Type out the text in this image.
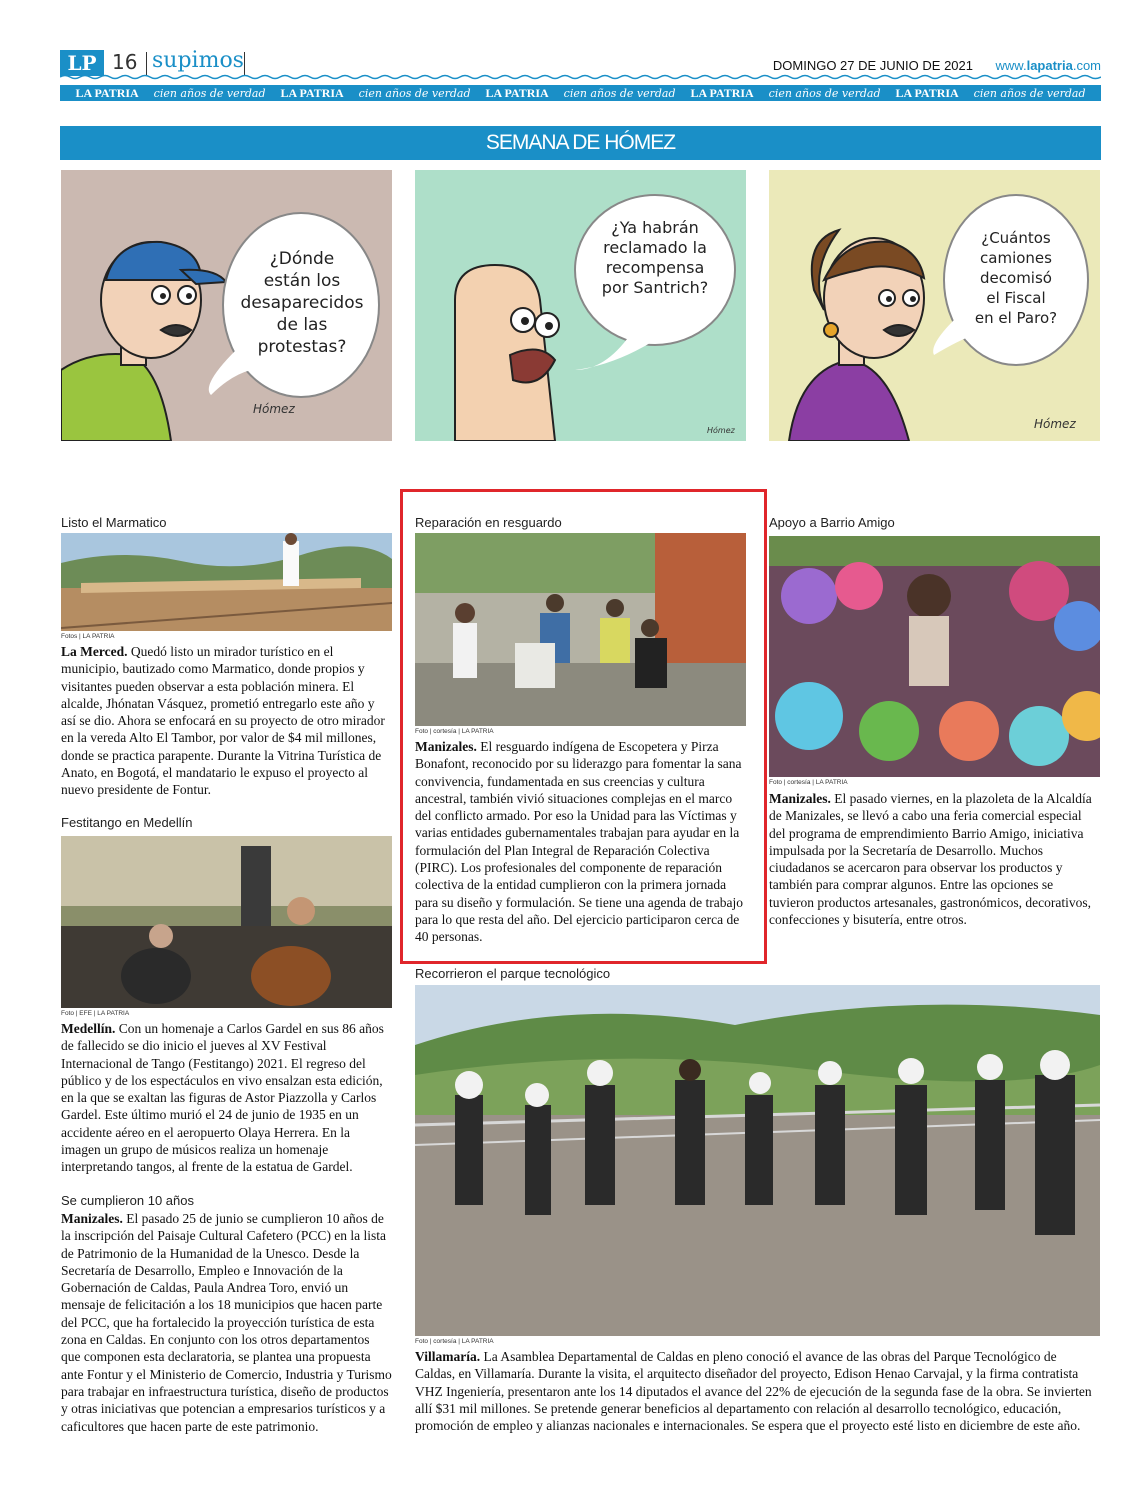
LP 16 supimos	DOMINGO 27 DE JUNIO DE 2021 www.lapatria.com
LA PATRIA cien años de verdad LA PATRIA cien años de verdad LA PATRIA cien años de verdad LA PATRIA cien años de verdad LA PATRIA cien años de verdad
SEMANA DE HÓMEZ
Hómez
¿Dónde
están los
desaparecidos
de las
protestas?
Hómez
¿Ya habrán
reclamado la
recompensa
por Santrich?
Hómez
¿Cuántos
camiones
decomisó
el Fiscal
en el Paro?
Listo el Marmatico
Fotos | LA PATRIA
La Merced. Quedó listo un mirador turístico en el municipio, bautizado como Marmatico, donde propios y visitantes pueden observar a esta población minera. El alcalde, Jhónatan Vásquez, prometió entregarlo este año y así se dio. Ahora se enfocará en su proyecto de otro mirador en la vereda Alto El Tambor, por valor de $4 mil millones, donde se practica parapente. Durante la Vitrina Turística de Anato, en Bogotá, el mandatario le expuso el proyecto al nuevo presidente de Fontur.
Festitango en Medellín
Foto | EFE | LA PATRIA
Medellín. Con un homenaje a Carlos Gardel en sus 86 años de fallecido se dio inicio el jueves al XV Festival Internacional de Tango (Festitango) 2021. El regreso del público y de los espectáculos en vivo ensalzan esta edición, en la que se exaltan las figuras de Astor Piazzolla y Carlos Gardel. Este último murió el 24 de junio de 1935 en un accidente aéreo en el aeropuerto Olaya Herrera. En la imagen un grupo de músicos realiza un homenaje interpretando tangos, al frente de la estatua de Gardel.
Se cumplieron 10 años
Manizales. El pasado 25 de junio se cumplieron 10 años de la inscripción del Paisaje Cultural Cafetero (PCC) en la lista de Patrimonio de la Humanidad de la Unesco. Desde la Secretaría de Desarrollo, Empleo e Innovación de la Gobernación de Caldas, Paula Andrea Toro, envió un mensaje de felicitación a los 18 municipios que hacen parte del PCC, que ha fortalecido la proyección turística de esta zona en Caldas. En conjunto con los otros departamentos que componen esta declaratoria, se plantea una propuesta ante Fontur y el Ministerio de Comercio, Industria y Turismo para trabajar en infraestructura turística, diseño de productos y otras iniciativas que potencian a empresarios turísticos y a caficultores que hacen parte de este patrimonio.
Reparación en resguardo
Foto | cortesía | LA PATRIA
Manizales. El resguardo indígena de Escopetera y Pirza Bonafont, reconocido por su liderazgo para fomentar la sana convivencia, fundamentada en sus creencias y cultura ancestral, también vivió situaciones complejas en el marco del conflicto armado. Por eso la Unidad para las Víctimas y varias entidades gubernamentales trabajan para ayudar en la formulación del Plan Integral de Reparación Colectiva (PIRC). Los profesionales del componente de reparación colectiva de la entidad cumplieron con la primera jornada para su diseño y formulación. Se tiene una agenda de trabajo para lo que resta del año. Del ejercicio participaron cerca de 40 personas.
Apoyo a Barrio Amigo
Foto | cortesía | LA PATRIA
Manizales. El pasado viernes, en la plazoleta de la Alcaldía de Manizales, se llevó a cabo una feria comercial especial del programa de emprendimiento Barrio Amigo, iniciativa impulsada por la Secretaría de Desarrollo. Muchos ciudadanos se acercaron para observar los productos y también para comprar algunos. Entre las opciones se tuvieron productos artesanales, gastronómicos, decorativos, confecciones y bisutería, entre otros.
Recorrieron el parque tecnológico
Foto | cortesía | LA PATRIA
Villamaría. La Asamblea Departamental de Caldas en pleno conoció el avance de las obras del Parque Tecnológico de Caldas, en Villamaría. Durante la visita, el arquitecto diseñador del proyecto, Edison Henao Carvajal, y la firma contratista VHZ Ingeniería, presentaron ante los 14 diputados el avance del 22% de ejecución de la segunda fase de la obra. Se invierten allí $31 mil millones. Se pretende generar beneficios al departamento con relación al desarrollo tecnológico, educación, promoción de empleo y alianzas nacionales e internacionales. Se espera que el proyecto esté listo en diciembre de este año.
